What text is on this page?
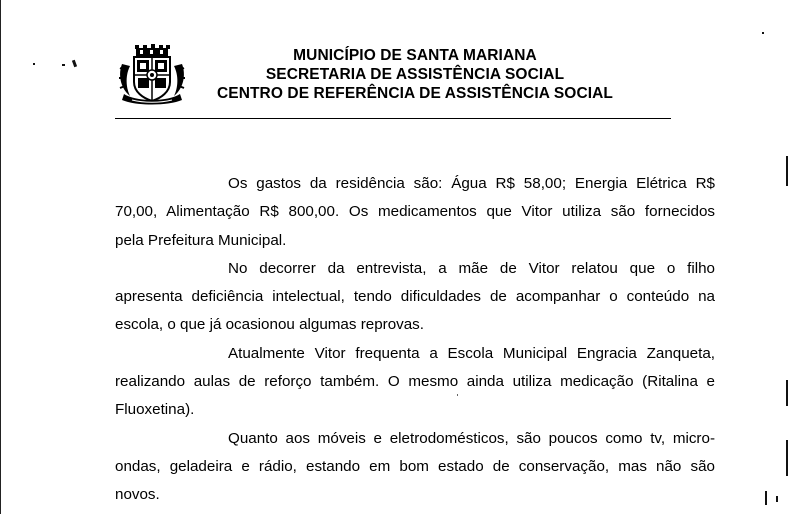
MUNICÍPIO DE SANTA MARIANA
SECRETARIA DE ASSISTÊNCIA SOCIAL
CENTRO DE REFERÊNCIA DE ASSISTÊNCIA SOCIAL
Os gastos da residência são: Água R$ 58,00; Energia Elétrica R$
70,00, Alimentação R$ 800,00. Os medicamentos que Vitor utiliza são fornecidos
pela Prefeitura Municipal.
No decorrer da entrevista, a mãe de Vitor relatou que o filho
apresenta deficiência intelectual, tendo dificuldades de acompanhar o conteúdo na
escola, o que já ocasionou algumas reprovas.
Atualmente Vitor frequenta a Escola Municipal Engracia Zanqueta,
realizando aulas de reforço também. O mesmo ainda utiliza medicação (Ritalina e
Fluoxetina).
Quanto aos móveis e eletrodomésticos, são poucos como tv, micro-
ondas, geladeira e rádio, estando em bom estado de conservação, mas não são
novos.
